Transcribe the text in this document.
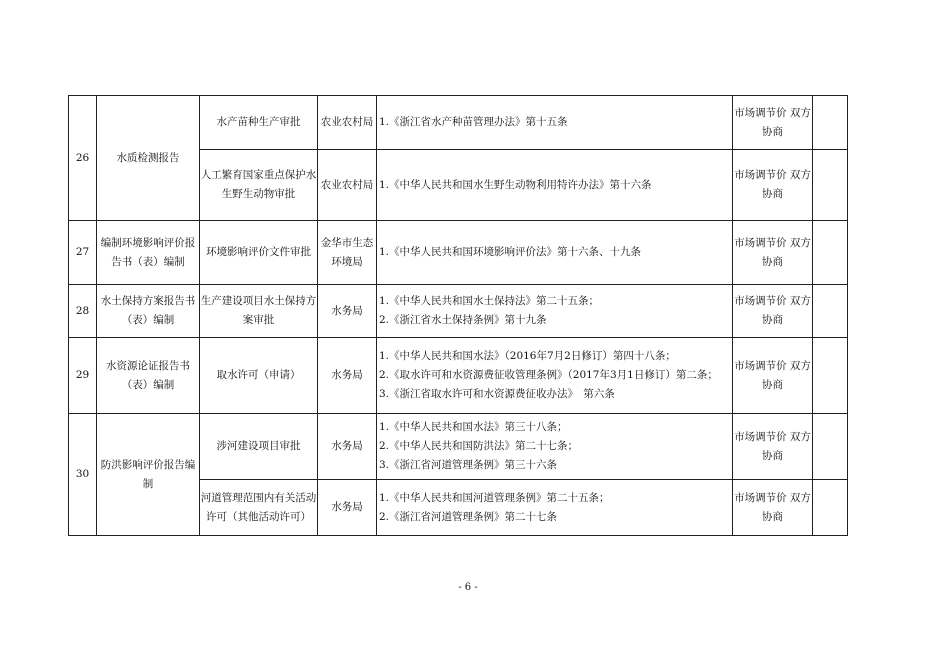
26	水质检测报告	水产苗种生产审批	农业农村局	1.《浙江省水产种苗管理办法》第十五条	市场调节价 双方协商	
		人工繁育国家重点保护水生野生动物审批	农业农村局	1.《中华人民共和国水生野生动物利用特许办法》第十六条	市场调节价 双方协商	
27	编制环境影响评价报告书（表）编制	环境影响评价文件审批	金华市生态环境局	1.《中华人民共和国环境影响评价法》第十六条、十九条	市场调节价 双方协商	
28	水土保持方案报告书（表）编制	生产建设项目水土保持方案审批	水务局	1.《中华人民共和国水土保持法》第二十五条；
2.《浙江省水土保持条例》第十九条	市场调节价 双方协商	
29	水资源论证报告书（表）编制	取水许可（申请）	水务局	1.《中华人民共和国水法》（2016年7月2日修订）第四十八条；
2.《取水许可和水资源费征收管理条例》（2017年3月1日修订）第二条；
3.《浙江省取水许可和水资源费征收办法》　第六条	市场调节价 双方协商	
30	防洪影响评价报告编制	涉河建设项目审批	水务局	1.《中华人民共和国水法》第三十八条；
2.《中华人民共和国防洪法》第二十七条；
3.《浙江省河道管理条例》第三十六条	市场调节价 双方协商	
		河道管理范围内有关活动许可（其他活动许可）	水务局	1.《中华人民共和国河道管理条例》第二十五条；
2.《浙江省河道管理条例》第二十七条	市场调节价 双方协商	
- 6 -
